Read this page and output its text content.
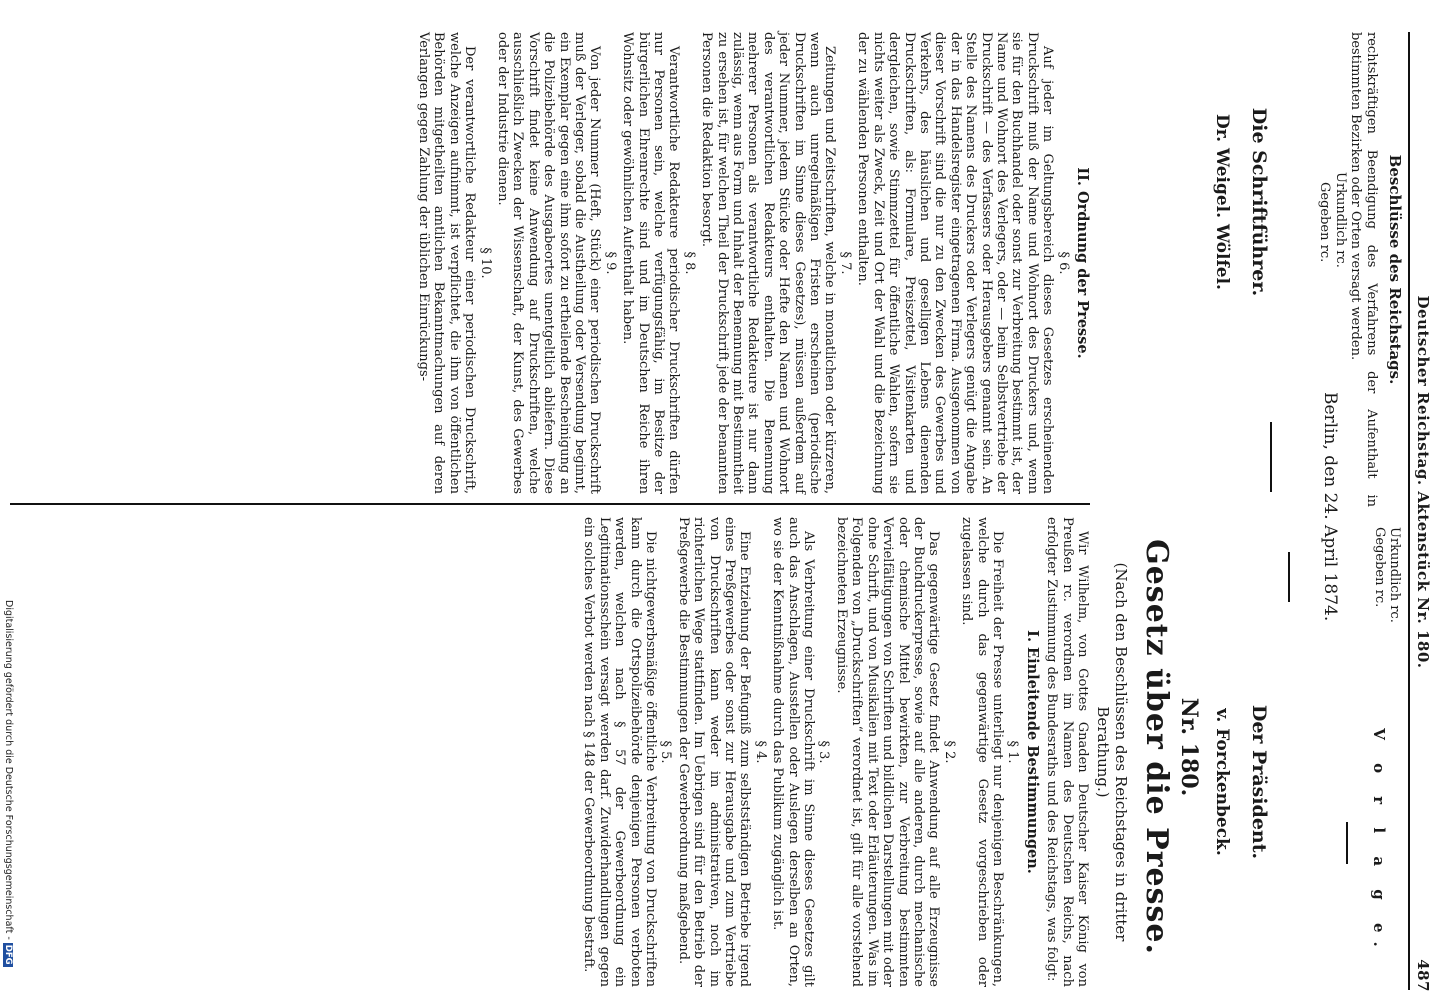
Deutscher Reichstag. Aktenstück Nr. 180.
487
Beschlüsse des Reichstags.
rechtskräftigen Beendigung des Verfahrens der Aufenthalt in bestimmten Bezirken oder Orten versagt werden.
Urkundlich rc.
Gegeben rc.
Urkundlich rc.
Gegeben rc.
V o r l a g e.
Berlin, den 24. April 1874.
Die Schriftführer.
Dr. Weigel. Wölfel.
Der Präsident.
v. Forckenbeck.
Nr. 180.
Gesetz über die Presse.
(Nach den Beschlüssen des Reichstages in dritter Berathung.)

Wir Wilhelm, von Gottes Gnaden Deutscher Kaiser König von Preußen rc. verordnen im Namen des Deutschen Reichs, nach erfolgter Zustimmung des Bundesraths und des Reichstags, was folgt:

I. Einleitende Bestimmungen.
§ 1.

Die Freiheit der Presse unterliegt nur denjenigen Beschränkungen, welche durch das gegenwärtige Gesetz vorgeschrieben oder zugelassen sind.

§ 2.

Das gegenwärtige Gesetz findet Anwendung auf alle Erzeugnisse der Buchdruckerpresse, sowie auf alle anderen, durch mechanische oder chemische Mittel bewirkten, zur Verbreitung bestimmten Vervielfältigungen von Schriften und bildlichen Darstellungen mit oder ohne Schrift, und von Musikalien mit Text oder Erläuterungen. Was im Folgenden von „Druckschriften“ verordnet ist, gilt für alle vorstehend bezeichneten Erzeugnisse.

§ 3.

Als Verbreitung einer Druckschrift im Sinne dieses Gesetzes gilt auch das Anschlagen, Ausstellen oder Auslegen derselben an Orten, wo sie der Kenntnißnahme durch das Publikum zugänglich ist.

§ 4.

Eine Entziehung der Befugniß zum selbstständigen Betriebe irgend eines Preßgewerbes oder sonst zur Herausgabe und zum Vertriebe von Druckschriften kann weder im administrativen, noch im richterlichen Wege stattfinden. Im Uebrigen sind für den Betrieb der Preßgewerbe die Bestimmungen der Gewerbeordnung maßgebend.

§ 5.

Die nichtgewerbsmäßige öffentliche Verbreitung von Druckschriften kann durch die Ortspolizeibehörde denjenigen Personen verboten werden, welchen nach § 57 der Gewerbeordnung ein Legitimationsschein versagt werden darf. Zuwiderhandlungen gegen ein solches Verbot werden nach § 148 der Gewerbeordnung bestraft.

II. Ordnung der Presse.
§ 6.

Auf jeder im Geltungsbereich dieses Gesetzes erscheinenden Druckschrift muß der Name und Wohnort des Druckers und, wenn sie für den Buchhandel oder sonst zur Verbreitung bestimmt ist, der Name und Wohnort des Verlegers, oder — beim Selbstvertriebe der Druckschrift — des Verfassers oder Herausgebers genannt sein. An Stelle des Namens des Druckers oder Verlegers genügt die Angabe der in das Handelsregister eingetragenen Firma. Ausgenommen von dieser Vorschrift sind die nur zu den Zwecken des Gewerbes und Verkehrs, des häuslichen und geselligen Lebens dienenden Druckschriften, als: Formulare, Preiszettel, Visitenkarten und dergleichen, sowie Stimmzettel für öffentliche Wahlen, sofern sie nichts weiter als Zweck, Zeit und Ort der Wahl und die Bezeichnung der zu wählenden Personen enthalten.

§ 7.

Zeitungen und Zeitschriften, welche in monatlichen oder kürzeren, wenn auch unregelmäßigen Fristen erscheinen (periodische Druckschriften im Sinne dieses Gesetzes), müssen außerdem auf jeder Nummer, jedem Stücke oder Hefte den Namen und Wohnort des verantwortlichen Redakteurs enthalten. Die Benennung mehrerer Personen als verantwortliche Redakteure ist nur dann zulässig, wenn aus Form und Inhalt der Benennung mit Bestimmtheit zu ersehen ist, für welchen Theil der Druckschrift jede der benannten Personen die Redaktion besorgt.

§ 8.

Verantwortliche Redakteure periodischer Druckschriften dürfen nur Personen sein, welche verfügungsfähig, im Besitze der bürgerlichen Ehrenrechte sind und im Deutschen Reiche ihren Wohnsitz oder gewöhnlichen Aufenthalt haben.

§ 9.

Von jeder Nummer (Heft, Stück) einer periodischen Druckschrift muß der Verleger, sobald die Austheilung oder Versendung beginnt, ein Exemplar gegen eine ihm sofort zu ertheilende Bescheinigung an die Polizeibehörde des Ausgabeortes unentgeltlich abliefern. Diese Vorschrift findet keine Anwendung auf Druckschriften, welche ausschließlich Zwecken der Wissenschaft, der Kunst, des Gewerbes oder der Industrie dienen.

§ 10.

Der verantwortliche Redakteur einer periodischen Druckschrift, welche Anzeigen aufnimmt, ist verpflichtet, die ihm von öffentlichen Behörden mitgetheilten amtlichen Bekanntmachungen auf deren Verlangen gegen Zahlung der üblichen Einrückungs-

Digitalisierung gefördert durch die Deutsche Forschungsgemeinschaft - DFG
